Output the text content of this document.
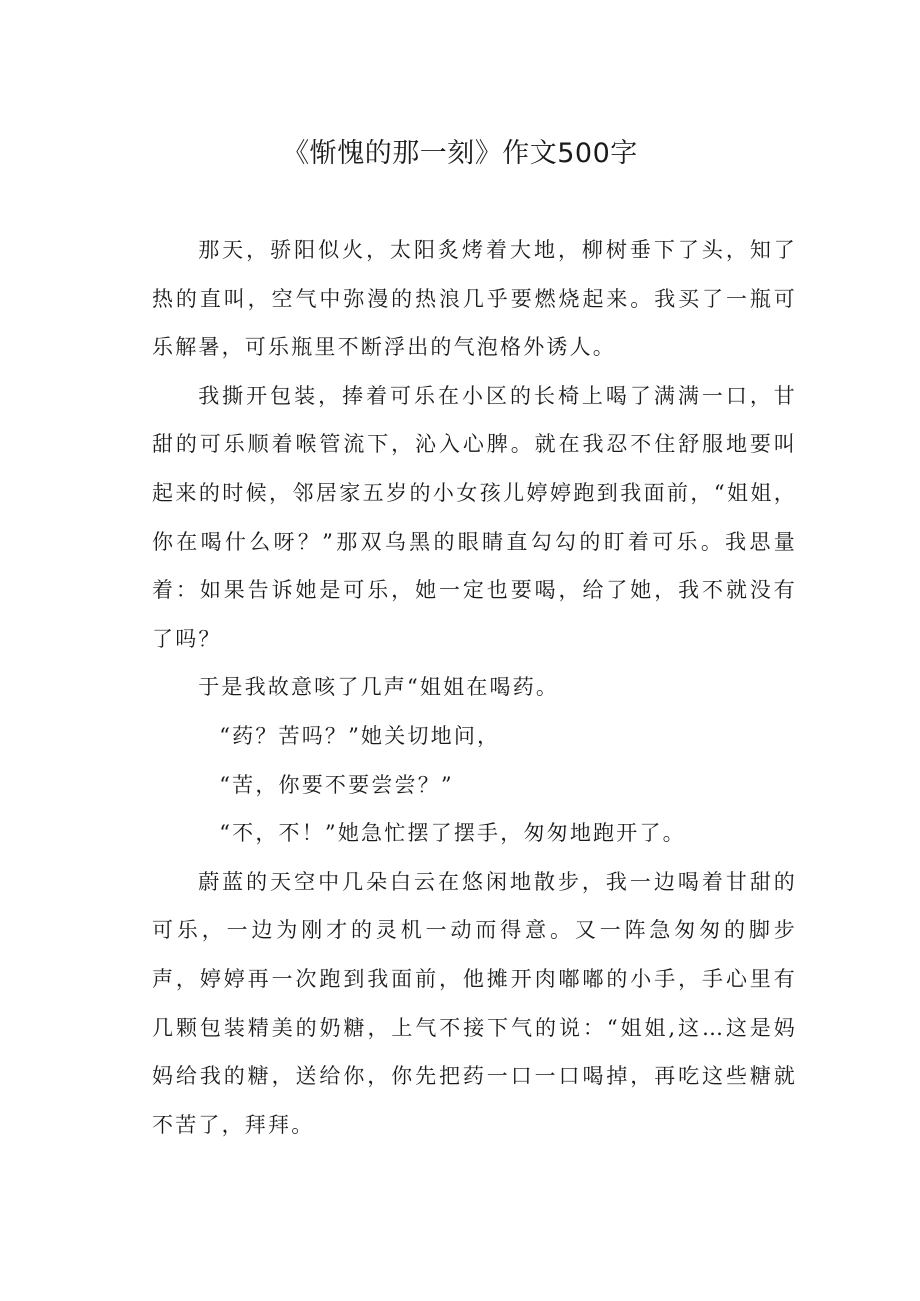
《惭愧的那一刻》作文500字

那天，骄阳似火，太阳炙烤着大地，柳树垂下了头，知了热的直叫，空气中弥漫的热浪几乎要燃烧起来。我买了一瓶可乐解暑，可乐瓶里不断浮出的气泡格外诱人。

我撕开包装，捧着可乐在小区的长椅上喝了满满一口，甘甜的可乐顺着喉管流下，沁入心脾。就在我忍不住舒服地要叫起来的时候，邻居家五岁的小女孩儿婷婷跑到我面前，“姐姐，你在喝什么呀？”那双乌黑的眼睛直勾勾的盯着可乐。我思量着：如果告诉她是可乐，她一定也要喝，给了她，我不就没有了吗？

于是我故意咳了几声“姐姐在喝药。

“药？苦吗？”她关切地问，

“苦，你要不要尝尝？”

“不，不！”她急忙摆了摆手，匆匆地跑开了。

蔚蓝的天空中几朵白云在悠闲地散步，我一边喝着甘甜的可乐，一边为刚才的灵机一动而得意。又一阵急匆匆的脚步声，婷婷再一次跑到我面前，他摊开肉嘟嘟的小手，手心里有几颗包装精美的奶糖，上气不接下气的说：“姐姐,这…这是妈妈给我的糖，送给你，你先把药一口一口喝掉，再吃这些糖就不苦了，拜拜。
